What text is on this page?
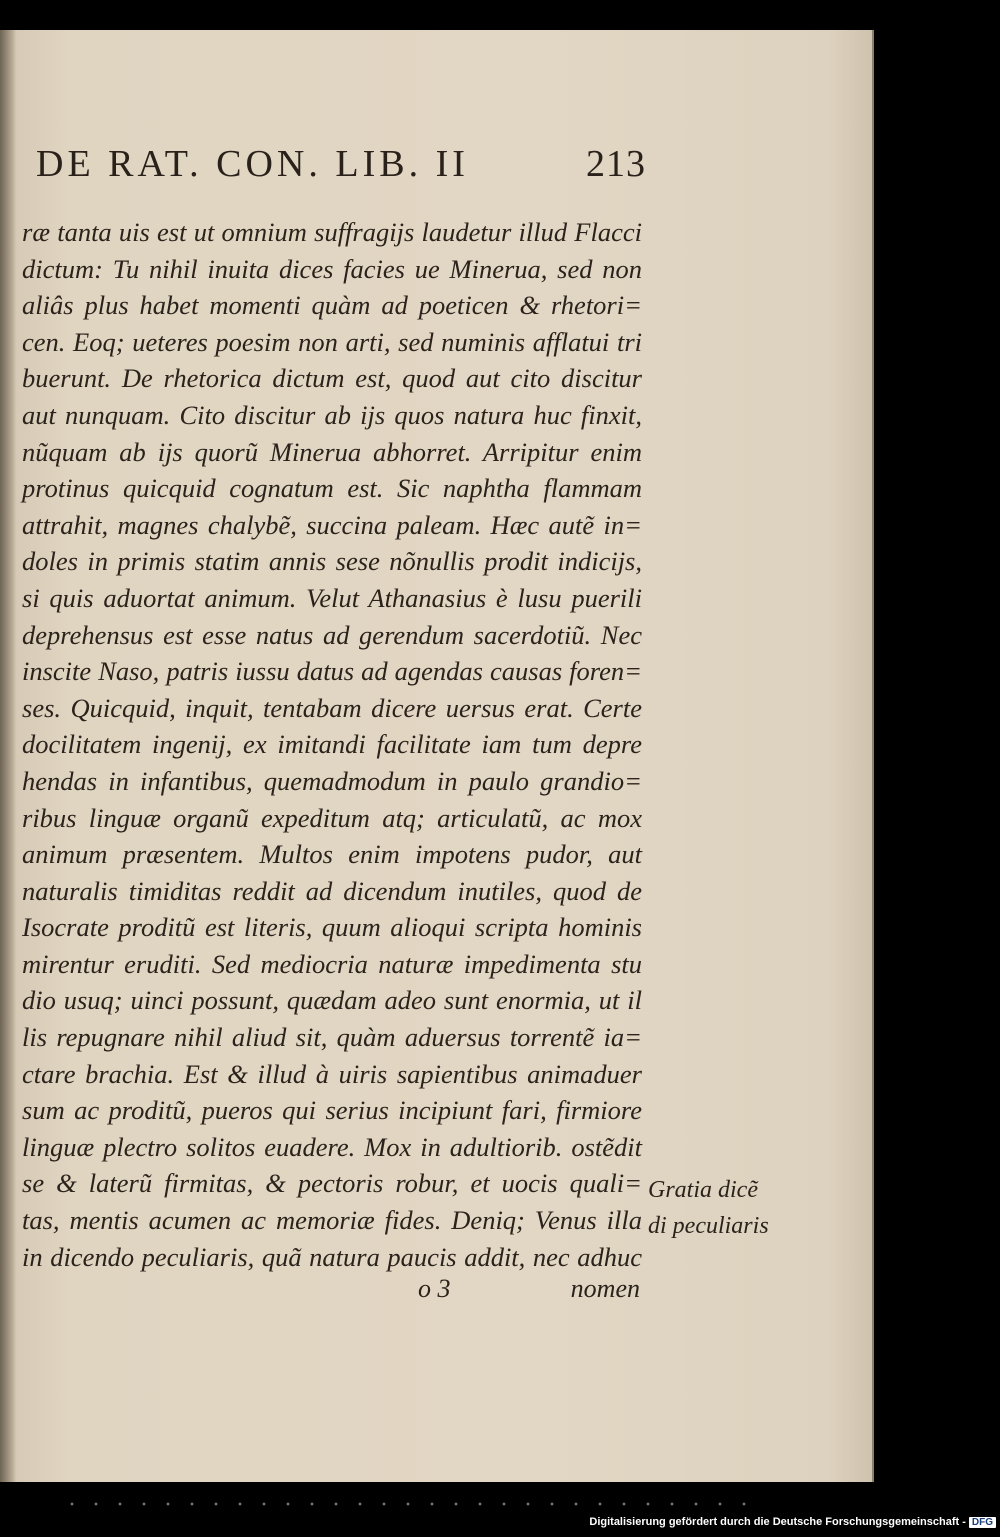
DE RAT. CON. LIB. II	213
ræ tanta uis est ut omnium suffragijs laudetur illud Flacci
dictum: Tu nihil inuita dices facies ue Minerua, sed non
aliâs plus habet momenti quàm ad poeticen & rhetori=
cen. Eoq; ueteres poesim non arti, sed numinis afflatui tri
buerunt. De rhetorica dictum est, quod aut cito discitur
aut nunquam. Cito discitur ab ijs quos natura huc finxit,
nũquam ab ijs quorũ Minerua abhorret. Arripitur enim
protinus quicquid cognatum est. Sic naphtha flammam
attrahit, magnes chalybẽ, succina paleam. Hæc autẽ in=
doles in primis statim annis sese nõnullis prodit indicijs,
si quis aduortat animum. Velut Athanasius è lusu puerili
deprehensus est esse natus ad gerendum sacerdotiũ. Nec
inscite Naso, patris iussu datus ad agendas causas foren=
ses. Quicquid, inquit, tentabam dicere uersus erat. Certe
docilitatem ingenij, ex imitandi facilitate iam tum depre
hendas in infantibus, quemadmodum in paulo grandio=
ribus linguæ organũ expeditum atq; articulatũ, ac mox
animum præsentem. Multos enim impotens pudor, aut
naturalis timiditas reddit ad dicendum inutiles, quod de
Isocrate proditũ est literis, quum alioqui scripta hominis
mirentur eruditi. Sed mediocria naturæ impedimenta stu
dio usuq; uinci possunt, quædam adeo sunt enormia, ut il
lis repugnare nihil aliud sit, quàm aduersus torrentẽ ia=
ctare brachia. Est & illud à uiris sapientibus animaduer
sum ac proditũ, pueros qui serius incipiunt fari, firmiore
linguæ plectro solitos euadere. Mox in adultiorib. ostẽdit
se & laterũ firmitas, & pectoris robur, et uocis quali=
tas, mentis acumen ac memoriæ fides. Deniq; Venus illa
in dicendo peculiaris, quã natura paucis addit, nec adhuc
o 3	nomen
Gratia dicẽ
di peculiaris
Digitalisierung gefördert durch die Deutsche Forschungsgemeinschaft - DFG
